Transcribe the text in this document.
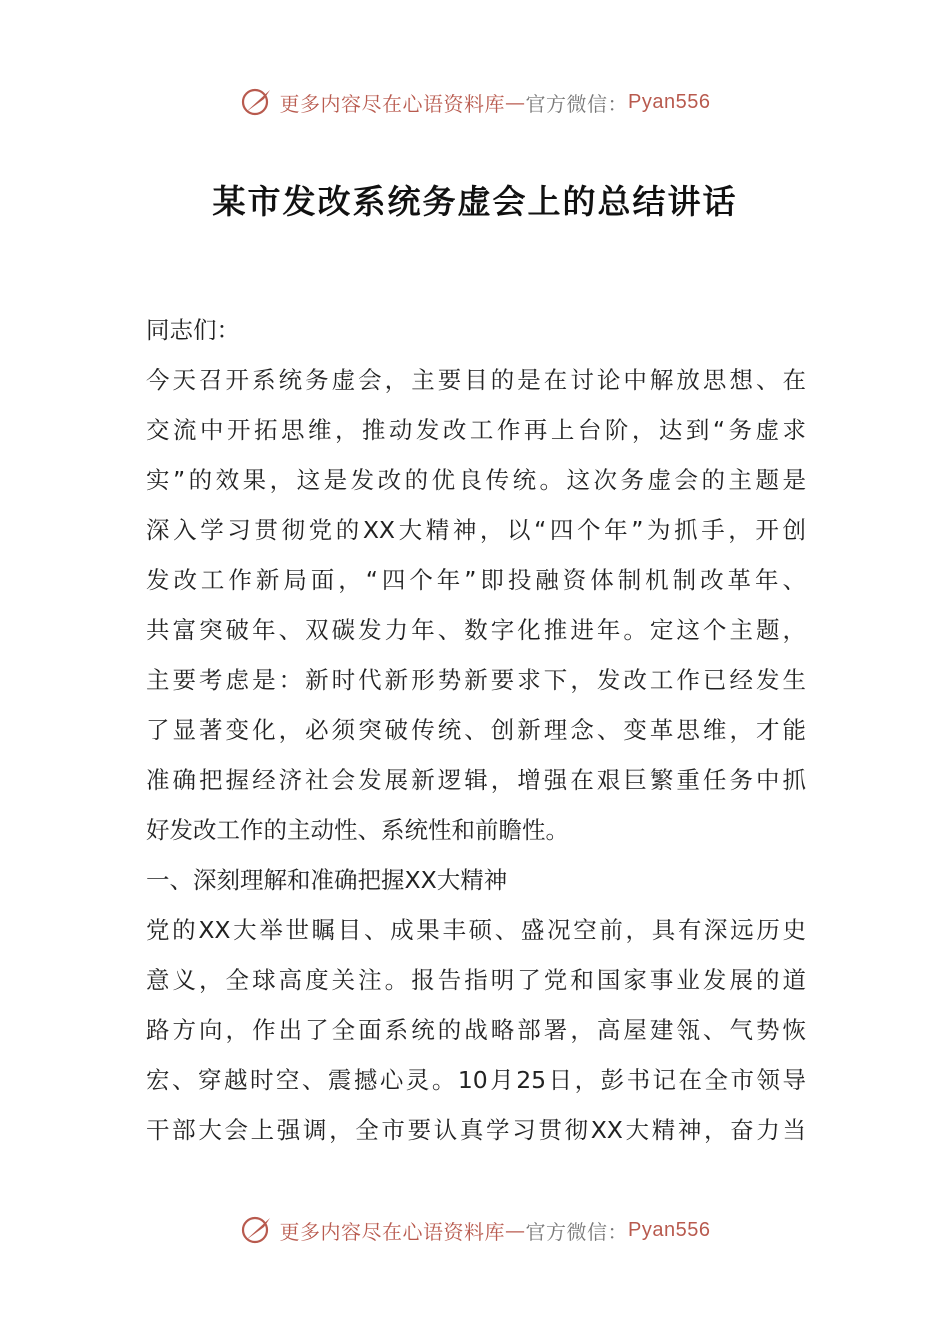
更多内容尽在心语资料库 — 官方微信： Pyan556
某市发改系统务虚会上的总结讲话
同志们：
今天召开系统务虚会，主要目的是在讨论中解放思想、在
交流中开拓思维，推动发改工作再上台阶，达到“务虚求
实”的效果，这是发改的优良传统。这次务虚会的主题是
深入学习贯彻党的XX大精神，以“四个年”为抓手，开创
发改工作新局面，“四个年”即投融资体制机制改革年、
共富突破年、双碳发力年、数字化推进年。定这个主题，
主要考虑是：新时代新形势新要求下，发改工作已经发生
了显著变化，必须突破传统、创新理念、变革思维，才能
准确把握经济社会发展新逻辑，增强在艰巨繁重任务中抓
好发改工作的主动性、系统性和前瞻性。
一、深刻理解和准确把握XX大精神
党的XX大举世瞩目、成果丰硕、盛况空前，具有深远历史
意义，全球高度关注。报告指明了党和国家事业发展的道
路方向，作出了全面系统的战略部署，高屋建瓴、气势恢
宏、穿越时空、震撼心灵。10月25日，彭书记在全市领导
干部大会上强调，全市要认真学习贯彻XX大精神，奋力当
更多内容尽在心语资料库 — 官方微信： Pyan556
